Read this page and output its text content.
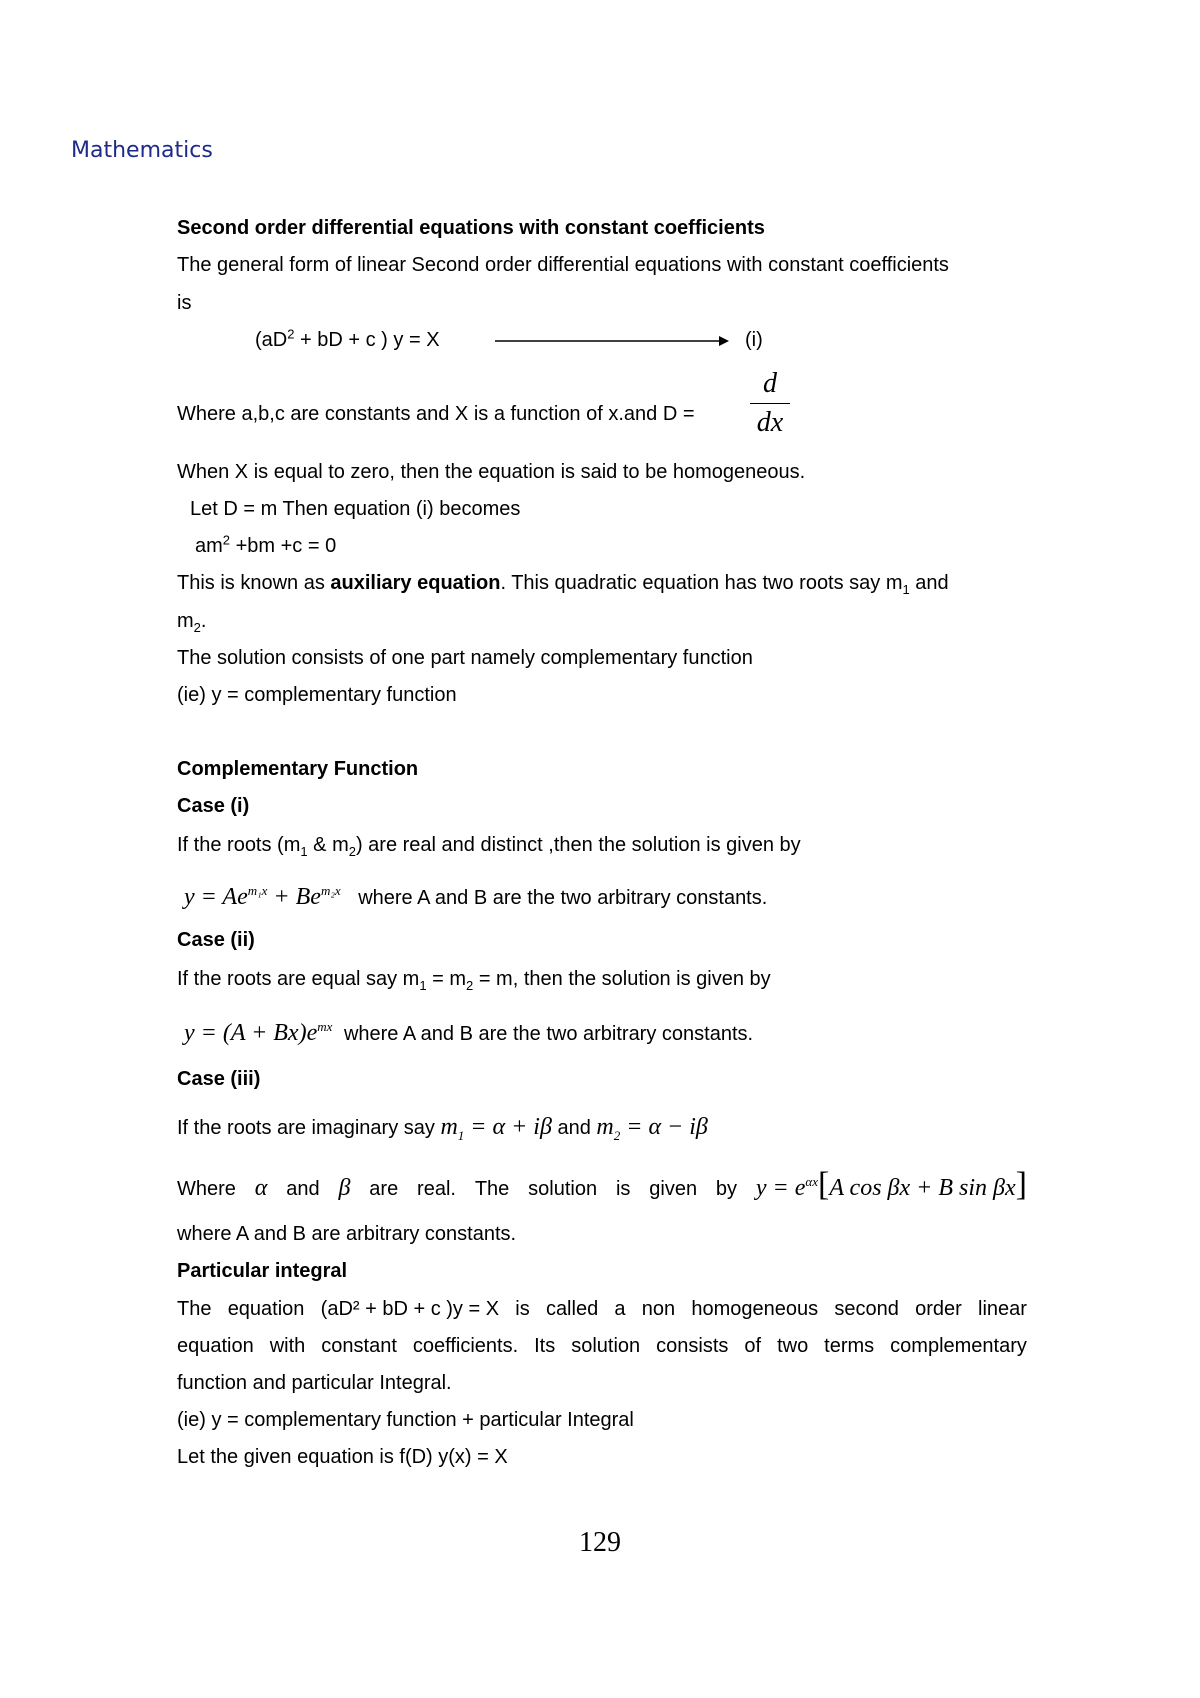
Mathematics
Second order differential equations with constant coefficients
The general form of linear Second order differential equations with constant coefficients
is
($aD^2$ + bD + c ) y = X	(i)
Where a,b,c are constants and X is a function of x.and D =
d
dx
When X is equal to zero, then the equation is said to be homogeneous.
Let D = m Then equation (i) becomes
$am^2 +bm +c = 0$
This is known as auxiliary equation. This quadratic equation has two roots say $m_1$ and
$m_2$.
The solution consists of one part namely complementary function
(ie) y = complementary function
Complementary Function
Case (i)
If the roots ($m_1$ & $m_2$) are real and distinct ,then the solution is given by
$y = Ae^{m_1x} + Be^{m_2x}$ where A and B are the two arbitrary constants.
Case (ii)
If the roots are equal say $m_1 = m_2 = m$, then the solution is given by
$y = (A + Bx)e^{mx}$ where A and B are the two arbitrary constants.
Case (iii)
If the roots are imaginary say $m_1 = \alpha + i\beta$ and $m_2 = \alpha - i\beta$
Where α and β are real. The solution is given by $y = e^{\alpha x}[A$ cos βx + B sin βx]
where A and B are arbitrary constants.
Particular integral
The equation (aD² + bD + c )y = X is called a non homogeneous second order linear
equation with constant coefficients. Its solution consists of two terms complementary
function and particular Integral.
(ie) y = complementary function + particular Integral
Let the given equation is f(D) y(x) = X
129
